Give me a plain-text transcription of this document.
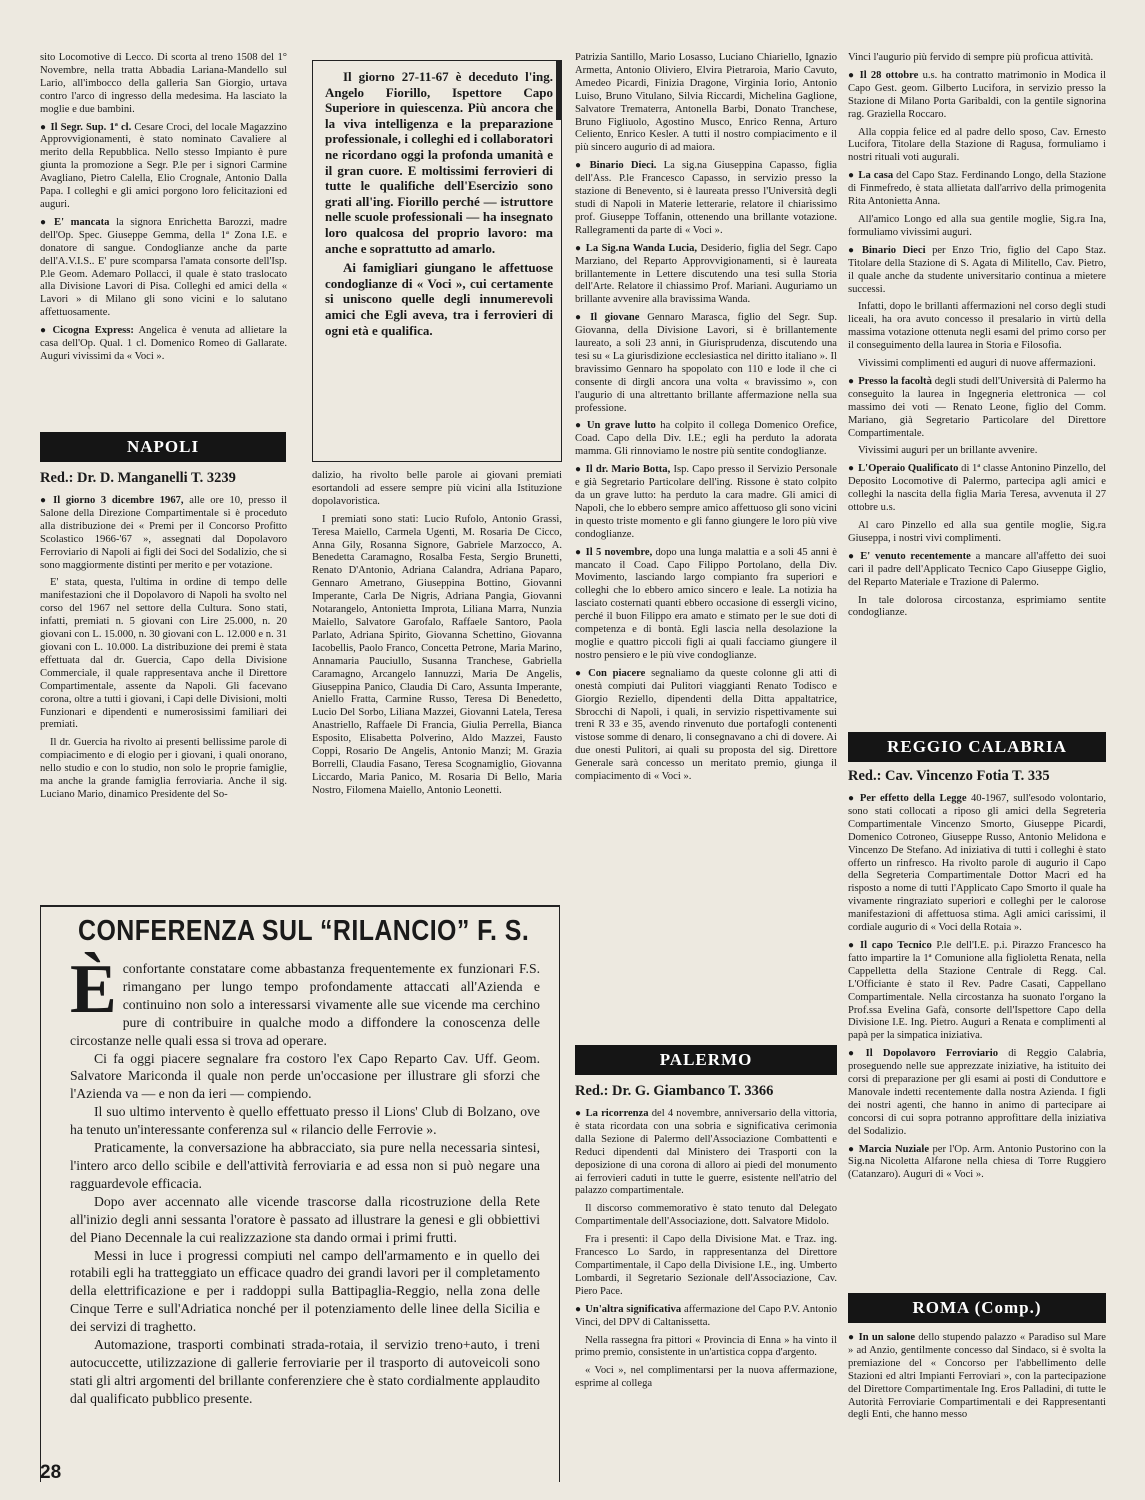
sito Locomotive di Lecco. Di scorta al treno 1508 del 1° Novembre, nella tratta Abbadia Lariana-Mandello sul Lario, all'imbocco della galleria San Giorgio, urtava contro l'arco di ingresso della medesima. Ha lasciato la moglie e due bambini.

● Il Segr. Sup. 1ª cl. Cesare Croci, del locale Magazzino Approvvigionamenti, è stato nominato Cavaliere al merito della Repubblica. Nello stesso Impianto è pure giunta la promozione a Segr. P.le per i signori Carmine Avagliano, Pietro Calella, Elio Crognale, Antonio Dalla Papa. I colleghi e gli amici porgono loro felicitazioni ed auguri.

● E' mancata la signora Enrichetta Barozzi, madre dell'Op. Spec. Giuseppe Gemma, della 1ª Zona I.E. e donatore di sangue. Condoglianze anche da parte dell'A.V.I.S.. E' pure scomparsa l'amata consorte dell'Isp. P.le Geom. Ademaro Pollacci, il quale è stato traslocato alla Divisione Lavori di Pisa. Colleghi ed amici della « Lavori » di Milano gli sono vicini e lo salutano affettuosamente.

● Cicogna Express: Angelica è venuta ad allietare la casa dell'Op. Qual. 1 cl. Domenico Romeo di Gallarate. Auguri vivissimi da « Voci ».

NAPOLI
Red.: Dr. D. Manganelli T. 3239

● Il giorno 3 dicembre 1967, alle ore 10, presso il Salone della Direzione Compartimentale si è proceduto alla distribuzione dei « Premi per il Concorso Profitto Scolastico 1966-'67 », assegnati dal Dopolavoro Ferroviario di Napoli ai figli dei Soci del Sodalizio, che si sono maggiormente distinti per merito e per votazione.

E' stata, questa, l'ultima in ordine di tempo delle manifestazioni che il Dopolavoro di Napoli ha svolto nel corso del 1967 nel settore della Cultura. Sono stati, infatti, premiati n. 5 giovani con Lire 25.000, n. 20 giovani con L. 15.000, n. 30 giovani con L. 12.000 e n. 31 giovani con L. 10.000. La distribuzione dei premi è stata effettuata dal dr. Guercia, Capo della Divisione Commerciale, il quale rappresentava anche il Direttore Compartimentale, assente da Napoli. Gli facevano corona, oltre a tutti i giovani, i Capi delle Divisioni, molti Funzionari e dipendenti e numerosissimi familiari dei premiati.

Il dr. Guercia ha rivolto ai presenti bellissime parole di compiacimento e di elogio per i giovani, i quali onorano, nello studio e con lo studio, non solo le proprie famiglie, ma anche la grande famiglia ferroviaria. Anche il sig. Luciano Mario, dinamico Presidente del So-

Il giorno 27-11-67 è deceduto l'ing. Angelo Fiorillo, Ispettore Capo Superiore in quiescenza. Più ancora che la viva intelligenza e la preparazione professionale, i colleghi ed i collaboratori ne ricordano oggi la profonda umanità e il gran cuore. E moltissimi ferrovieri di tutte le qualifiche dell'Esercizio sono grati all'ing. Fiorillo perché — istruttore nelle scuole professionali — ha insegnato loro qualcosa del proprio lavoro: ma anche e soprattutto ad amarlo.

Ai famigliari giungano le affettuose condoglianze di « Voci », cui certamente si uniscono quelle degli innumerevoli amici che Egli aveva, tra i ferrovieri di ogni età e qualifica.

dalizio, ha rivolto belle parole ai giovani premiati esortandoli ad essere sempre più vicini alla Istituzione dopolavoristica.

I premiati sono stati: Lucio Rufolo, Antonio Grassi, Teresa Maiello, Carmela Ugenti, M. Rosaria De Cicco, Anna Gily, Rosanna Signore, Gabriele Marzocco, A. Benedetta Caramagno, Rosalba Festa, Sergio Brunetti, Renato D'Antonio, Adriana Calandra, Adriana Paparo, Gennaro Ametrano, Giuseppina Bottino, Giovanni Imperante, Carla De Nigris, Adriana Pangia, Giovanni Notarangelo, Antonietta Improta, Liliana Marra, Nunzia Maiello, Salvatore Garofalo, Raffaele Santoro, Paola Parlato, Adriana Spirito, Giovanna Schettino, Giovanna Iacobellis, Paolo Franco, Concetta Petrone, Maria Marino, Annamaria Pauciullo, Susanna Tranchese, Gabriella Caramagno, Arcangelo Iannuzzi, Maria De Angelis, Giuseppina Panico, Claudia Di Caro, Assunta Imperante, Aniello Fratta, Carmine Russo, Teresa Di Benedetto, Lucio Del Sorbo, Liliana Mazzei, Giovanni Latela, Teresa Anastriello, Raffaele Di Francia, Giulia Perrella, Bianca Esposito, Elisabetta Polverino, Aldo Mazzei, Fausto Coppi, Rosario De Angelis, Antonio Manzi; M. Grazia Borrelli, Claudia Fasano, Teresa Scognamiglio, Giovanna Liccardo, Maria Panico, M. Rosaria Di Bello, Maria Nostro, Filomena Maiello, Antonio Leonetti.

CONFERENZA SUL “RILANCIO” F. S.

Èconfortante constatare come abbastanza frequentemente ex funzionari F.S. rimangano per lungo tempo profondamente attaccati all'Azienda e continuino non solo a interessarsi vivamente alle sue vicende ma cerchino pure di contribuire in qualche modo a diffondere la conoscenza delle circostanze nelle quali essa si trova ad operare.

Ci fa oggi piacere segnalare fra costoro l'ex Capo Reparto Cav. Uff. Geom. Salvatore Mariconda il quale non perde un'occasione per illustrare gli sforzi che l'Azienda va — e non da ieri — compiendo.

Il suo ultimo intervento è quello effettuato presso il Lions' Club di Bolzano, ove ha tenuto un'interessante conferenza sul « rilancio delle Ferrovie ».

Praticamente, la conversazione ha abbracciato, sia pure nella necessaria sintesi, l'intero arco dello scibile e dell'attività ferroviaria e ad essa non si può negare una ragguardevole efficacia.

Dopo aver accennato alle vicende trascorse dalla ricostruzione della Rete all'inizio degli anni sessanta l'oratore è passato ad illustrare la genesi e gli obbiettivi del Piano Decennale la cui realizzazione sta dando ormai i primi frutti.

Messi in luce i progressi compiuti nel campo dell'armamento e in quello dei rotabili egli ha tratteggiato un efficace quadro dei grandi lavori per il completamento della elettrificazione e per i raddoppi sulla Battipaglia-Reggio, nella zona delle Cinque Terre e sull'Adriatica nonché per il potenziamento delle linee della Sicilia e dei servizi di traghetto.

Automazione, trasporti combinati strada-rotaia, il servizio treno+auto, i treni autocuccette, utilizzazione di gallerie ferroviarie per il trasporto di autoveicoli sono stati gli altri argomenti del brillante conferenziere che è stato cordialmente applaudito dal qualificato pubblico presente.

Patrizia Santillo, Mario Losasso, Luciano Chiariello, Ignazio Armetta, Antonio Oliviero, Elvira Pietraroia, Mario Cavuto, Amedeo Picardi, Finizia Dragone, Virginia Iorio, Antonio Luiso, Bruno Vitulano, Silvia Riccardi, Michelina Gaglione, Salvatore Trematerra, Antonella Barbi, Donato Tranchese, Bruno Figliuolo, Agostino Musco, Enrico Renna, Arturo Celiento, Enrico Kesler. A tutti il nostro compiacimento e il più sincero augurio di ad maiora.

● Binario Dieci. La sig.na Giuseppina Capasso, figlia dell'Ass. P.le Francesco Capasso, in servizio presso la stazione di Benevento, si è laureata presso l'Università degli studi di Napoli in Materie letterarie, relatore il chiarissimo prof. Giuseppe Toffanin, ottenendo una brillante votazione. Rallegramenti da parte di « Voci ».

● La Sig.na Wanda Lucia, Desiderio, figlia del Segr. Capo Marziano, del Reparto Approvvigionamenti, si è laureata brillantemente in Lettere discutendo una tesi sulla Storia dell'Arte. Relatore il chiassimo Prof. Mariani. Auguriamo un brillante avvenire alla bravissima Wanda.

● Il giovane Gennaro Marasca, figlio del Segr. Sup. Giovanna, della Divisione Lavori, si è brillantemente laureato, a soli 23 anni, in Giurisprudenza, discutendo una tesi su « La giurisdizione ecclesiastica nel diritto italiano ». Il bravissimo Gennaro ha spopolato con 110 e lode il che ci consente di dirgli ancora una volta « bravissimo », con l'augurio di una altrettanto brillante affermazione nella sua professione.

● Un grave lutto ha colpito il collega Domenico Orefice, Coad. Capo della Div. I.E.; egli ha perduto la adorata mamma. Gli rinnoviamo le nostre più sentite condoglianze.

● Il dr. Mario Botta, Isp. Capo presso il Servizio Personale e già Segretario Particolare dell'ing. Rissone è stato colpito da un grave lutto: ha perduto la cara madre. Gli amici di Napoli, che lo ebbero sempre amico affettuoso gli sono vicini in questo triste momento e gli fanno giungere le loro più vive condoglianze.

● Il 5 novembre, dopo una lunga malattia e a soli 45 anni è mancato il Coad. Capo Filippo Portolano, della Div. Movimento, lasciando largo compianto fra superiori e colleghi che lo ebbero amico sincero e leale. La notizia ha lasciato costernati quanti ebbero occasione di essergli vicino, perché il buon Filippo era amato e stimato per le sue doti di competenza e di bontà. Egli lascia nella desolazione la moglie e quattro piccoli figli ai quali facciamo giungere il nostro pensiero e le più vive condoglianze.

● Con piacere segnaliamo da queste colonne gli atti di onestà compiuti dai Pulitori viaggianti Renato Todisco e Giorgio Reziello, dipendenti della Ditta appaltatrice, Sbrocchi di Napoli, i quali, in servizio rispettivamente sui treni R 33 e 35, avendo rinvenuto due portafogli contenenti vistose somme di denaro, li consegnavano a chi di dovere. Ai due onesti Pulitori, ai quali su proposta del sig. Direttore Generale sarà concesso un meritato premio, giunga il compiacimento di « Voci ».

PALERMO
Red.: Dr. G. Giambanco T. 3366

● La ricorrenza del 4 novembre, anniversario della vittoria, è stata ricordata con una sobria e significativa cerimonia dalla Sezione di Palermo dell'Associazione Combattenti e Reduci dipendenti dal Ministero dei Trasporti con la deposizione di una corona di alloro ai piedi del monumento ai ferrovieri caduti in tutte le guerre, esistente nell'atrio del palazzo compartimentale.

Il discorso commemorativo è stato tenuto dal Delegato Compartimentale dell'Associazione, dott. Salvatore Midolo.

Fra i presenti: il Capo della Divisione Mat. e Traz. ing. Francesco Lo Sardo, in rappresentanza del Direttore Compartimentale, il Capo della Divisione I.E., ing. Umberto Lombardi, il Segretario Sezionale dell'Associazione, Cav. Piero Pace.

● Un'altra significativa affermazione del Capo P.V. Antonio Vinci, del DPV di Caltanissetta.

Nella rassegna fra pittori « Provincia di Enna » ha vinto il primo premio, consistente in un'artistica coppa d'argento.

« Voci », nel complimentarsi per la nuova affermazione, esprime al collega

Vinci l'augurio più fervido di sempre più proficua attività.

● Il 28 ottobre u.s. ha contratto matrimonio in Modica il Capo Gest. geom. Gilberto Lucifora, in servizio presso la Stazione di Milano Porta Garibaldi, con la gentile signorina rag. Graziella Roccaro.

Alla coppia felice ed al padre dello sposo, Cav. Ernesto Lucifora, Titolare della Stazione di Ragusa, formuliamo i nostri rituali voti augurali.

● La casa del Capo Staz. Ferdinando Longo, della Stazione di Finmefredo, è stata allietata dall'arrivo della primogenita Rita Antonietta Anna.

All'amico Longo ed alla sua gentile moglie, Sig.ra Ina, formuliamo vivissimi auguri.

● Binario Dieci per Enzo Trio, figlio del Capo Staz. Titolare della Stazione di S. Agata di Militello, Cav. Pietro, il quale anche da studente universitario continua a mietere successi.

Infatti, dopo le brillanti affermazioni nel corso degli studi liceali, ha ora avuto concesso il presalario in virtù della massima votazione ottenuta negli esami del primo corso per il conseguimento della laurea in Storia e Filosofia.

Vivissimi complimenti ed auguri di nuove affermazioni.

● Presso la facoltà degli studi dell'Università di Palermo ha conseguito la laurea in Ingegneria elettronica — col massimo dei voti — Renato Leone, figlio del Comm. Mariano, già Segretario Particolare del Direttore Compartimentale.

Vivissimi auguri per un brillante avvenire.

● L'Operaio Qualificato di 1ª classe Antonino Pinzello, del Deposito Locomotive di Palermo, partecipa agli amici e colleghi la nascita della figlia Maria Teresa, avvenuta il 27 ottobre u.s.

Al caro Pinzello ed alla sua gentile moglie, Sig.ra Giuseppa, i nostri vivi complimenti.

● E' venuto recentemente a mancare all'affetto dei suoi cari il padre dell'Applicato Tecnico Capo Giuseppe Giglio, del Reparto Materiale e Trazione di Palermo.

In tale dolorosa circostanza, esprimiamo sentite condoglianze.

REGGIO CALABRIA
Red.: Cav. Vincenzo Fotia T. 335

● Per effetto della Legge 40-1967, sull'esodo volontario, sono stati collocati a riposo gli amici della Segreteria Compartimentale Vincenzo Smorto, Giuseppe Picardi, Domenico Cotroneo, Giuseppe Russo, Antonio Melidona e Vincenzo De Stefano. Ad iniziativa di tutti i colleghi è stato offerto un rinfresco. Ha rivolto parole di augurio il Capo della Segreteria Compartimentale Dottor Macrì ed ha risposto a nome di tutti l'Applicato Capo Smorto il quale ha vivamente ringraziato superiori e colleghi per le calorose manifestazioni di affettuosa stima. Agli amici carissimi, il cordiale augurio di « Voci della Rotaia ».

● Il capo Tecnico P.le dell'I.E. p.i. Pirazzo Francesco ha fatto impartire la 1ª Comunione alla figlioletta Renata, nella Cappelletta della Stazione Centrale di Regg. Cal. L'Officiante è stato il Rev. Padre Casati, Cappellano Compartimentale. Nella circostanza ha suonato l'organo la Prof.ssa Evelina Gafà, consorte dell'Ispettore Capo della Divisione I.E. Ing. Pietro. Auguri a Renata e complimenti al papà per la simpatica iniziativa.

● Il Dopolavoro Ferroviario di Reggio Calabria, proseguendo nelle sue apprezzate iniziative, ha istituito dei corsi di preparazione per gli esami ai posti di Conduttore e Manovale indetti recentemente dalla nostra Azienda. I figli dei nostri agenti, che hanno in animo di partecipare ai concorsi di cui sopra potranno approfittare della iniziativa del Sodalizio.

● Marcia Nuziale per l'Op. Arm. Antonio Pustorino con la Sig.na Nicoletta Alfarone nella chiesa di Torre Ruggiero (Catanzaro). Auguri di « Voci ».

ROMA (Comp.)

● In un salone dello stupendo palazzo « Paradiso sul Mare » ad Anzio, gentilmente concesso dal Sindaco, si è svolta la premiazione del « Concorso per l'abbellimento delle Stazioni ed altri Impianti Ferroviari », con la partecipazione del Direttore Compartimentale Ing. Eros Palladini, di tutte le Autorità Ferroviarie Compartimentali e dei Rappresentanti degli Enti, che hanno messo

28
